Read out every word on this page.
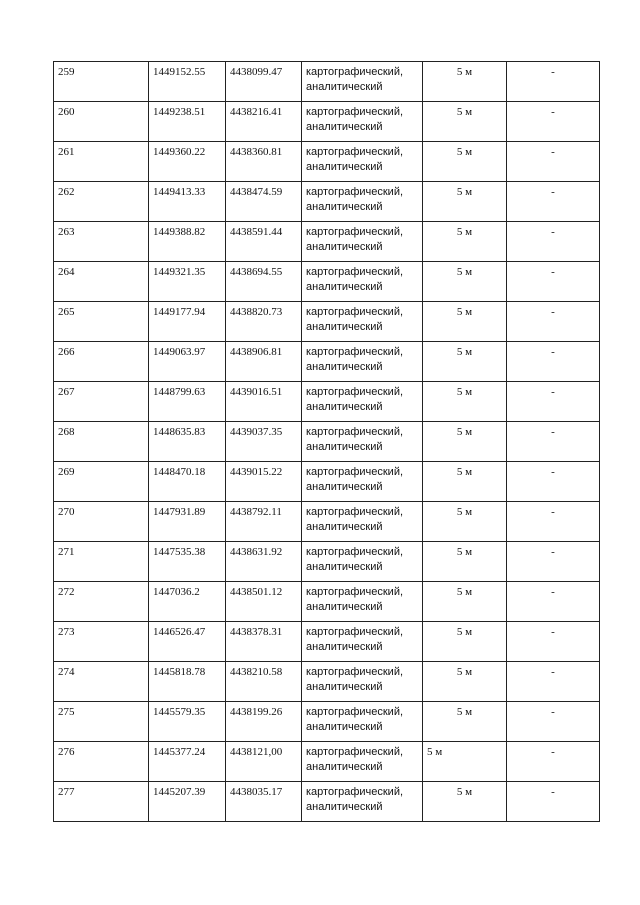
259	1449152.55	4438099.47	картографический,
аналитический	5 м	-
260	1449238.51	4438216.41	картографический,
аналитический	5 м	-
261	1449360.22	4438360.81	картографический,
аналитический	5 м	-
262	1449413.33	4438474.59	картографический,
аналитический	5 м	-
263	1449388.82	4438591.44	картографический,
аналитический	5 м	-
264	1449321.35	4438694.55	картографический,
аналитический	5 м	-
265	1449177.94	4438820.73	картографический,
аналитический	5 м	-
266	1449063.97	4438906.81	картографический,
аналитический	5 м	-
267	1448799.63	4439016.51	картографический,
аналитический	5 м	-
268	1448635.83	4439037.35	картографический,
аналитический	5 м	-
269	1448470.18	4439015.22	картографический,
аналитический	5 м	-
270	1447931.89	4438792.11	картографический,
аналитический	5 м	-
271	1447535.38	4438631.92	картографический,
аналитический	5 м	-
272	1447036.2	4438501.12	картографический,
аналитический	5 м	-
273	1446526.47	4438378.31	картографический,
аналитический	5 м	-
274	1445818.78	4438210.58	картографический,
аналитический	5 м	-
275	1445579.35	4438199.26	картографический,
аналитический	5 м	-
276	1445377.24	4438121,00	картографический,
аналитический	5 м	-
277	1445207.39	4438035.17	картографический,
аналитический	5 м	-
